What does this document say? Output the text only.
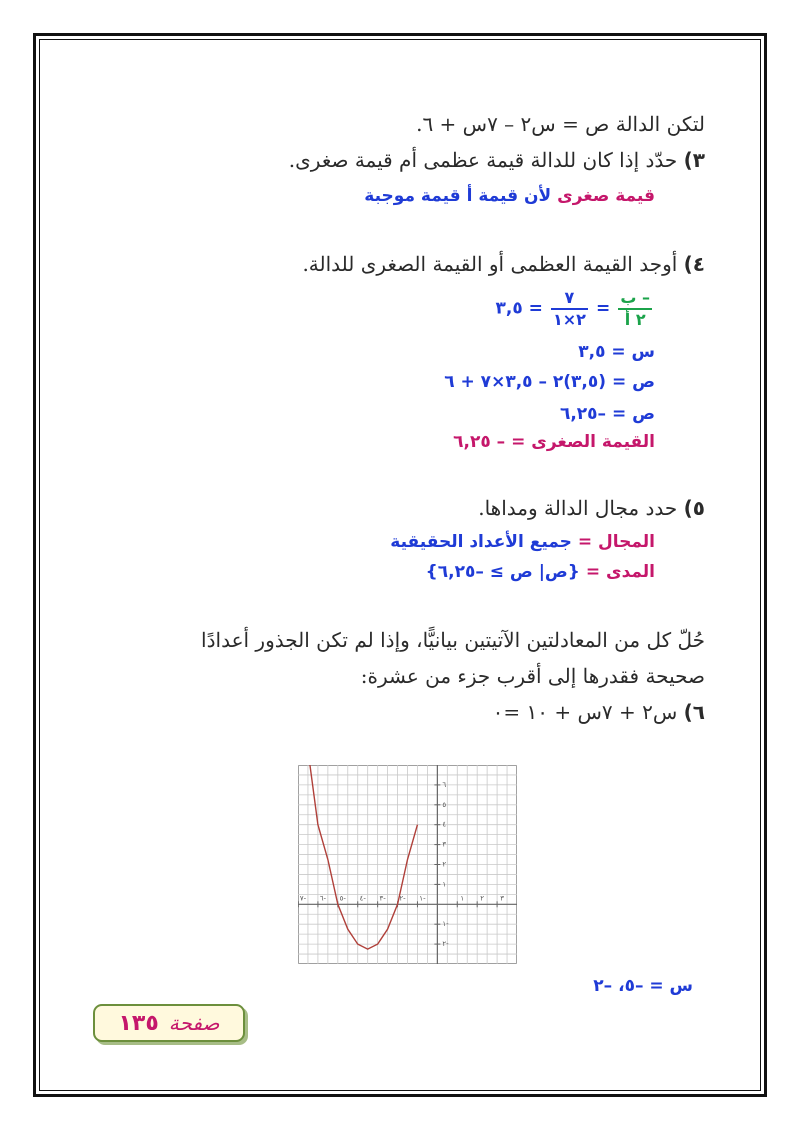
لتكن الدالة ص = س٢ – ٧س + ٦.
٣) حدّد إذا كان للدالة قيمة عظمى أم قيمة صغرى.
قيمة صغرى لأن قيمة أ قيمة موجبة
٤) أوجد القيمة العظمى أو القيمة الصغرى للدالة.
$\frac{\text{– ب}}{\text{٢ أ}}$
=
$\frac{٧}{٢\times ١}$
= ٣,٥
س = ٣,٥
ص = (٣,٥)٢ – ٣,٥×٧ + ٦
ص = –٦,٢٥
القيمة الصغرى = – ٦,٢٥
٥) حدد مجال الدالة ومداها.
المجال = جميع الأعداد الحقيقية
المدى = {ص| ص ≥ –٦,٢٥}
حُلّ كل من المعادلتين الآتيتين بيانيًّا، وإذا لم تكن الجذور أعدادًا
صحيحة فقدرها إلى أقرب جزء من عشرة:
٦) س٢ + ٧س + ١٠ =٠
٧- ٦- ٥- ٤- ٣- ٢- ١-	١ ٢ ٣
١
٢
٣
٤
٥
٦
١-
٢-
س = –٥، –٢
صفحة
١٣٥
